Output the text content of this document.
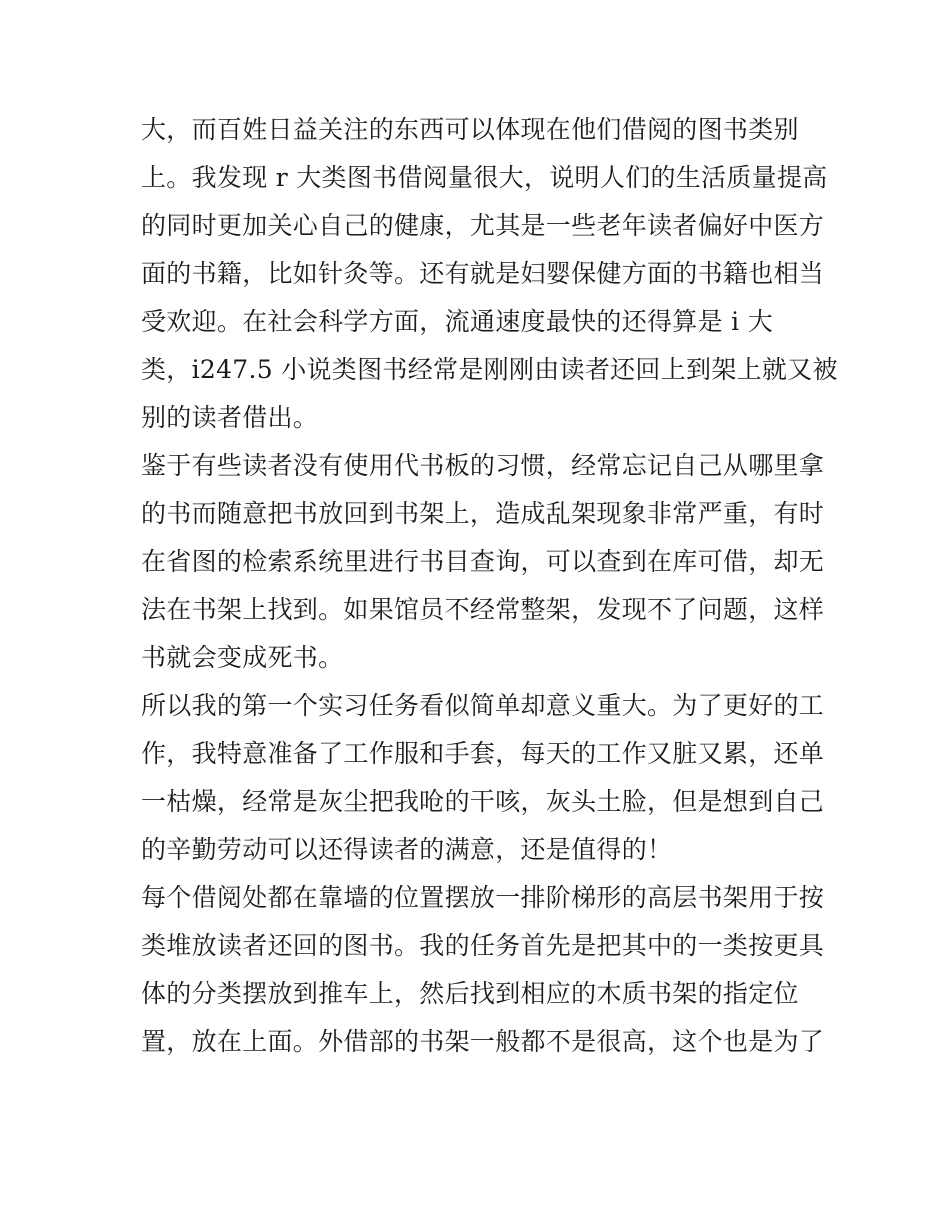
大，而百姓日益关注的东西可以体现在他们借阅的图书类别
上。我发现 r 大类图书借阅量很大，说明人们的生活质量提高
的同时更加关心自己的健康，尤其是一些老年读者偏好中医方
面的书籍，比如针灸等。还有就是妇婴保健方面的书籍也相当
受欢迎。在社会科学方面，流通速度最快的还得算是 i 大
类，i247.5 小说类图书经常是刚刚由读者还回上到架上就又被
别的读者借出。
鉴于有些读者没有使用代书板的习惯，经常忘记自己从哪里拿
的书而随意把书放回到书架上，造成乱架现象非常严重，有时
在省图的检索系统里进行书目查询，可以查到在库可借，却无
法在书架上找到。如果馆员不经常整架，发现不了问题，这样
书就会变成死书。
所以我的第一个实习任务看似简单却意义重大。为了更好的工
作，我特意准备了工作服和手套，每天的工作又脏又累，还单
一枯燥，经常是灰尘把我呛的干咳，灰头土脸，但是想到自己
的辛勤劳动可以还得读者的满意，还是值得的！
每个借阅处都在靠墙的位置摆放一排阶梯形的高层书架用于按
类堆放读者还回的图书。我的任务首先是把其中的一类按更具
体的分类摆放到推车上，然后找到相应的木质书架的指定位
置，放在上面。外借部的书架一般都不是很高，这个也是为了
